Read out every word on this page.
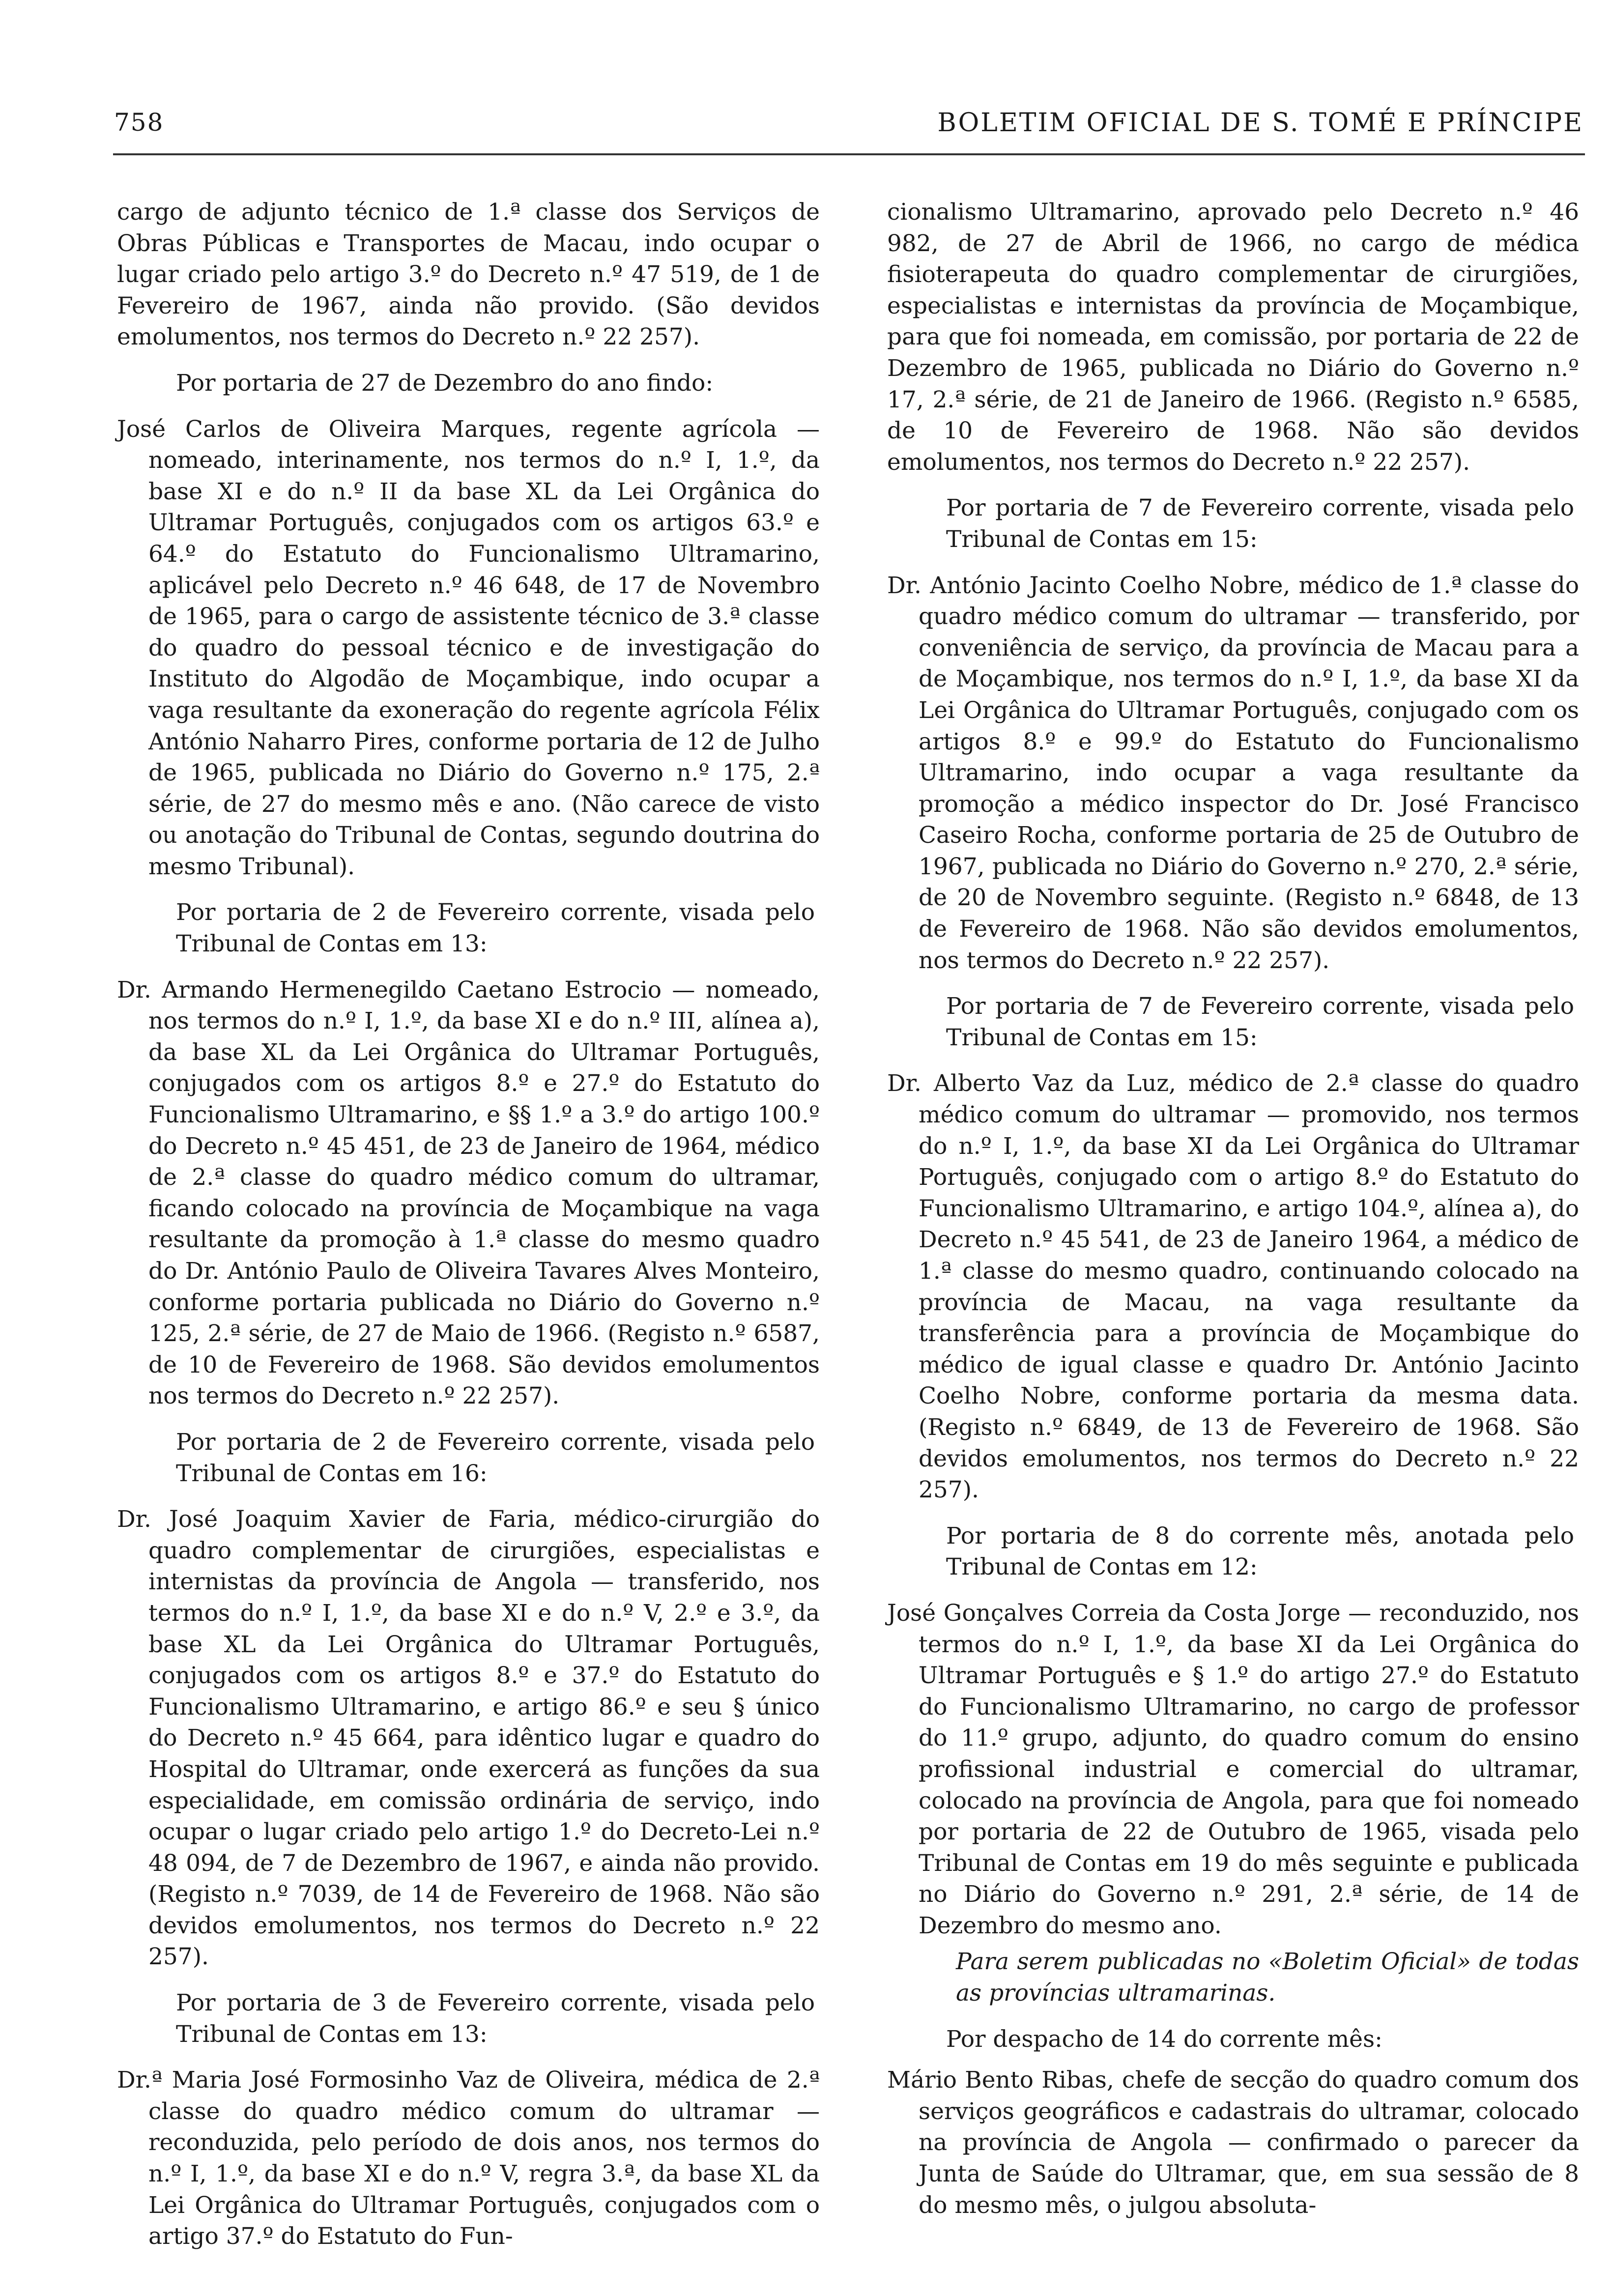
758	BOLETIM OFICIAL DE S. TOMÉ E PRÍNCIPE

cargo de adjunto técnico de 1.ª classe dos Serviços de Obras Públicas e Transportes de Macau, indo ocupar o lugar criado pelo artigo 3.º do Decreto n.º 47 519, de 1 de Fevereiro de 1967, ainda não provido. (São devidos emolumentos, nos termos do Decreto n.º 22 257).

Por portaria de 27 de Dezembro do ano findo:

José Carlos de Oliveira Marques, regente agrícola — nomeado, interinamente, nos termos do n.º I, 1.º, da base XI e do n.º II da base XL da Lei Orgânica do Ultramar Português, conjugados com os artigos 63.º e 64.º do Estatuto do Funcionalismo Ultramarino, aplicável pelo Decreto n.º 46 648, de 17 de Novembro de 1965, para o cargo de assistente técnico de 3.ª classe do quadro do pessoal técnico e de investigação do Instituto do Algodão de Moçambique, indo ocupar a vaga resultante da exoneração do regente agrícola Félix António Naharro Pires, conforme portaria de 12 de Julho de 1965, publicada no Diário do Governo n.º 175, 2.ª série, de 27 do mesmo mês e ano. (Não carece de visto ou anotação do Tribunal de Contas, segundo doutrina do mesmo Tribunal).

Por portaria de 2 de Fevereiro corrente, visada pelo Tribunal de Contas em 13:

Dr. Armando Hermenegildo Caetano Estrocio — nomeado, nos termos do n.º I, 1.º, da base XI e do n.º III, alínea a), da base XL da Lei Orgânica do Ultramar Português, conjugados com os artigos 8.º e 27.º do Estatuto do Funcionalismo Ultramarino, e §§ 1.º a 3.º do artigo 100.º do Decreto n.º 45 451, de 23 de Janeiro de 1964, médico de 2.ª classe do quadro médico comum do ultramar, ficando colocado na província de Moçambique na vaga resultante da promoção à 1.ª classe do mesmo quadro do Dr. António Paulo de Oliveira Tavares Alves Monteiro, conforme portaria publicada no Diário do Governo n.º 125, 2.ª série, de 27 de Maio de 1966. (Registo n.º 6587, de 10 de Fevereiro de 1968. São devidos emolumentos nos termos do Decreto n.º 22 257).

Por portaria de 2 de Fevereiro corrente, visada pelo Tribunal de Contas em 16:

Dr. José Joaquim Xavier de Faria, médico-cirurgião do quadro complementar de cirurgiões, especialistas e internistas da província de Angola — transferido, nos termos do n.º I, 1.º, da base XI e do n.º V, 2.º e 3.º, da base XL da Lei Orgânica do Ultramar Português, conjugados com os artigos 8.º e 37.º do Estatuto do Funcionalismo Ultramarino, e artigo 86.º e seu § único do Decreto n.º 45 664, para idêntico lugar e quadro do Hospital do Ultramar, onde exercerá as funções da sua especialidade, em comissão ordinária de serviço, indo ocupar o lugar criado pelo artigo 1.º do Decreto-Lei n.º 48 094, de 7 de Dezembro de 1967, e ainda não provido. (Registo n.º 7039, de 14 de Fevereiro de 1968. Não são devidos emolumentos, nos termos do Decreto n.º 22 257).

Por portaria de 3 de Fevereiro corrente, visada pelo Tribunal de Contas em 13:

Dr.ª Maria José Formosinho Vaz de Oliveira, médica de 2.ª classe do quadro médico comum do ultramar — reconduzida, pelo período de dois anos, nos termos do n.º I, 1.º, da base XI e do n.º V, regra 3.ª, da base XL da Lei Orgânica do Ultramar Português, conjugados com o artigo 37.º do Estatuto do Fun-

cionalismo Ultramarino, aprovado pelo Decreto n.º 46 982, de 27 de Abril de 1966, no cargo de médica fisioterapeuta do quadro complementar de cirurgiões, especialistas e internistas da província de Moçambique, para que foi nomeada, em comissão, por portaria de 22 de Dezembro de 1965, publicada no Diário do Governo n.º 17, 2.ª série, de 21 de Janeiro de 1966. (Registo n.º 6585, de 10 de Fevereiro de 1968. Não são devidos emolumentos, nos termos do Decreto n.º 22 257).

Por portaria de 7 de Fevereiro corrente, visada pelo Tribunal de Contas em 15:

Dr. António Jacinto Coelho Nobre, médico de 1.ª classe do quadro médico comum do ultramar — transferido, por conveniência de serviço, da província de Macau para a de Moçambique, nos termos do n.º I, 1.º, da base XI da Lei Orgânica do Ultramar Português, conjugado com os artigos 8.º e 99.º do Estatuto do Funcionalismo Ultramarino, indo ocupar a vaga resultante da promoção a médico inspector do Dr. José Francisco Caseiro Rocha, conforme portaria de 25 de Outubro de 1967, publicada no Diário do Governo n.º 270, 2.ª série, de 20 de Novembro seguinte. (Registo n.º 6848, de 13 de Fevereiro de 1968. Não são devidos emolumentos, nos termos do Decreto n.º 22 257).

Por portaria de 7 de Fevereiro corrente, visada pelo Tribunal de Contas em 15:

Dr. Alberto Vaz da Luz, médico de 2.ª classe do quadro médico comum do ultramar — promovido, nos termos do n.º I, 1.º, da base XI da Lei Orgânica do Ultramar Português, conjugado com o artigo 8.º do Estatuto do Funcionalismo Ultramarino, e artigo 104.º, alínea a), do Decreto n.º 45 541, de 23 de Janeiro 1964, a médico de 1.ª classe do mesmo quadro, continuando colocado na província de Macau, na vaga resultante da transferência para a província de Moçambique do médico de igual classe e quadro Dr. António Jacinto Coelho Nobre, conforme portaria da mesma data. (Registo n.º 6849, de 13 de Fevereiro de 1968. São devidos emolumentos, nos termos do Decreto n.º 22 257).

Por portaria de 8 do corrente mês, anotada pelo Tribunal de Contas em 12:

José Gonçalves Correia da Costa Jorge — reconduzido, nos termos do n.º I, 1.º, da base XI da Lei Orgânica do Ultramar Português e § 1.º do artigo 27.º do Estatuto do Funcionalismo Ultramarino, no cargo de professor do 11.º grupo, adjunto, do quadro comum do ensino profissional industrial e comercial do ultramar, colocado na província de Angola, para que foi nomeado por portaria de 22 de Outubro de 1965, visada pelo Tribunal de Contas em 19 do mês seguinte e publicada no Diário do Governo n.º 291, 2.ª série, de 14 de Dezembro do mesmo ano.

Para serem publicadas no «Boletim Oficial» de todas as províncias ultramarinas.

Por despacho de 14 do corrente mês:

Mário Bento Ribas, chefe de secção do quadro comum dos serviços geográficos e cadastrais do ultramar, colocado na província de Angola — confirmado o parecer da Junta de Saúde do Ultramar, que, em sua sessão de 8 do mesmo mês, o julgou absoluta-
